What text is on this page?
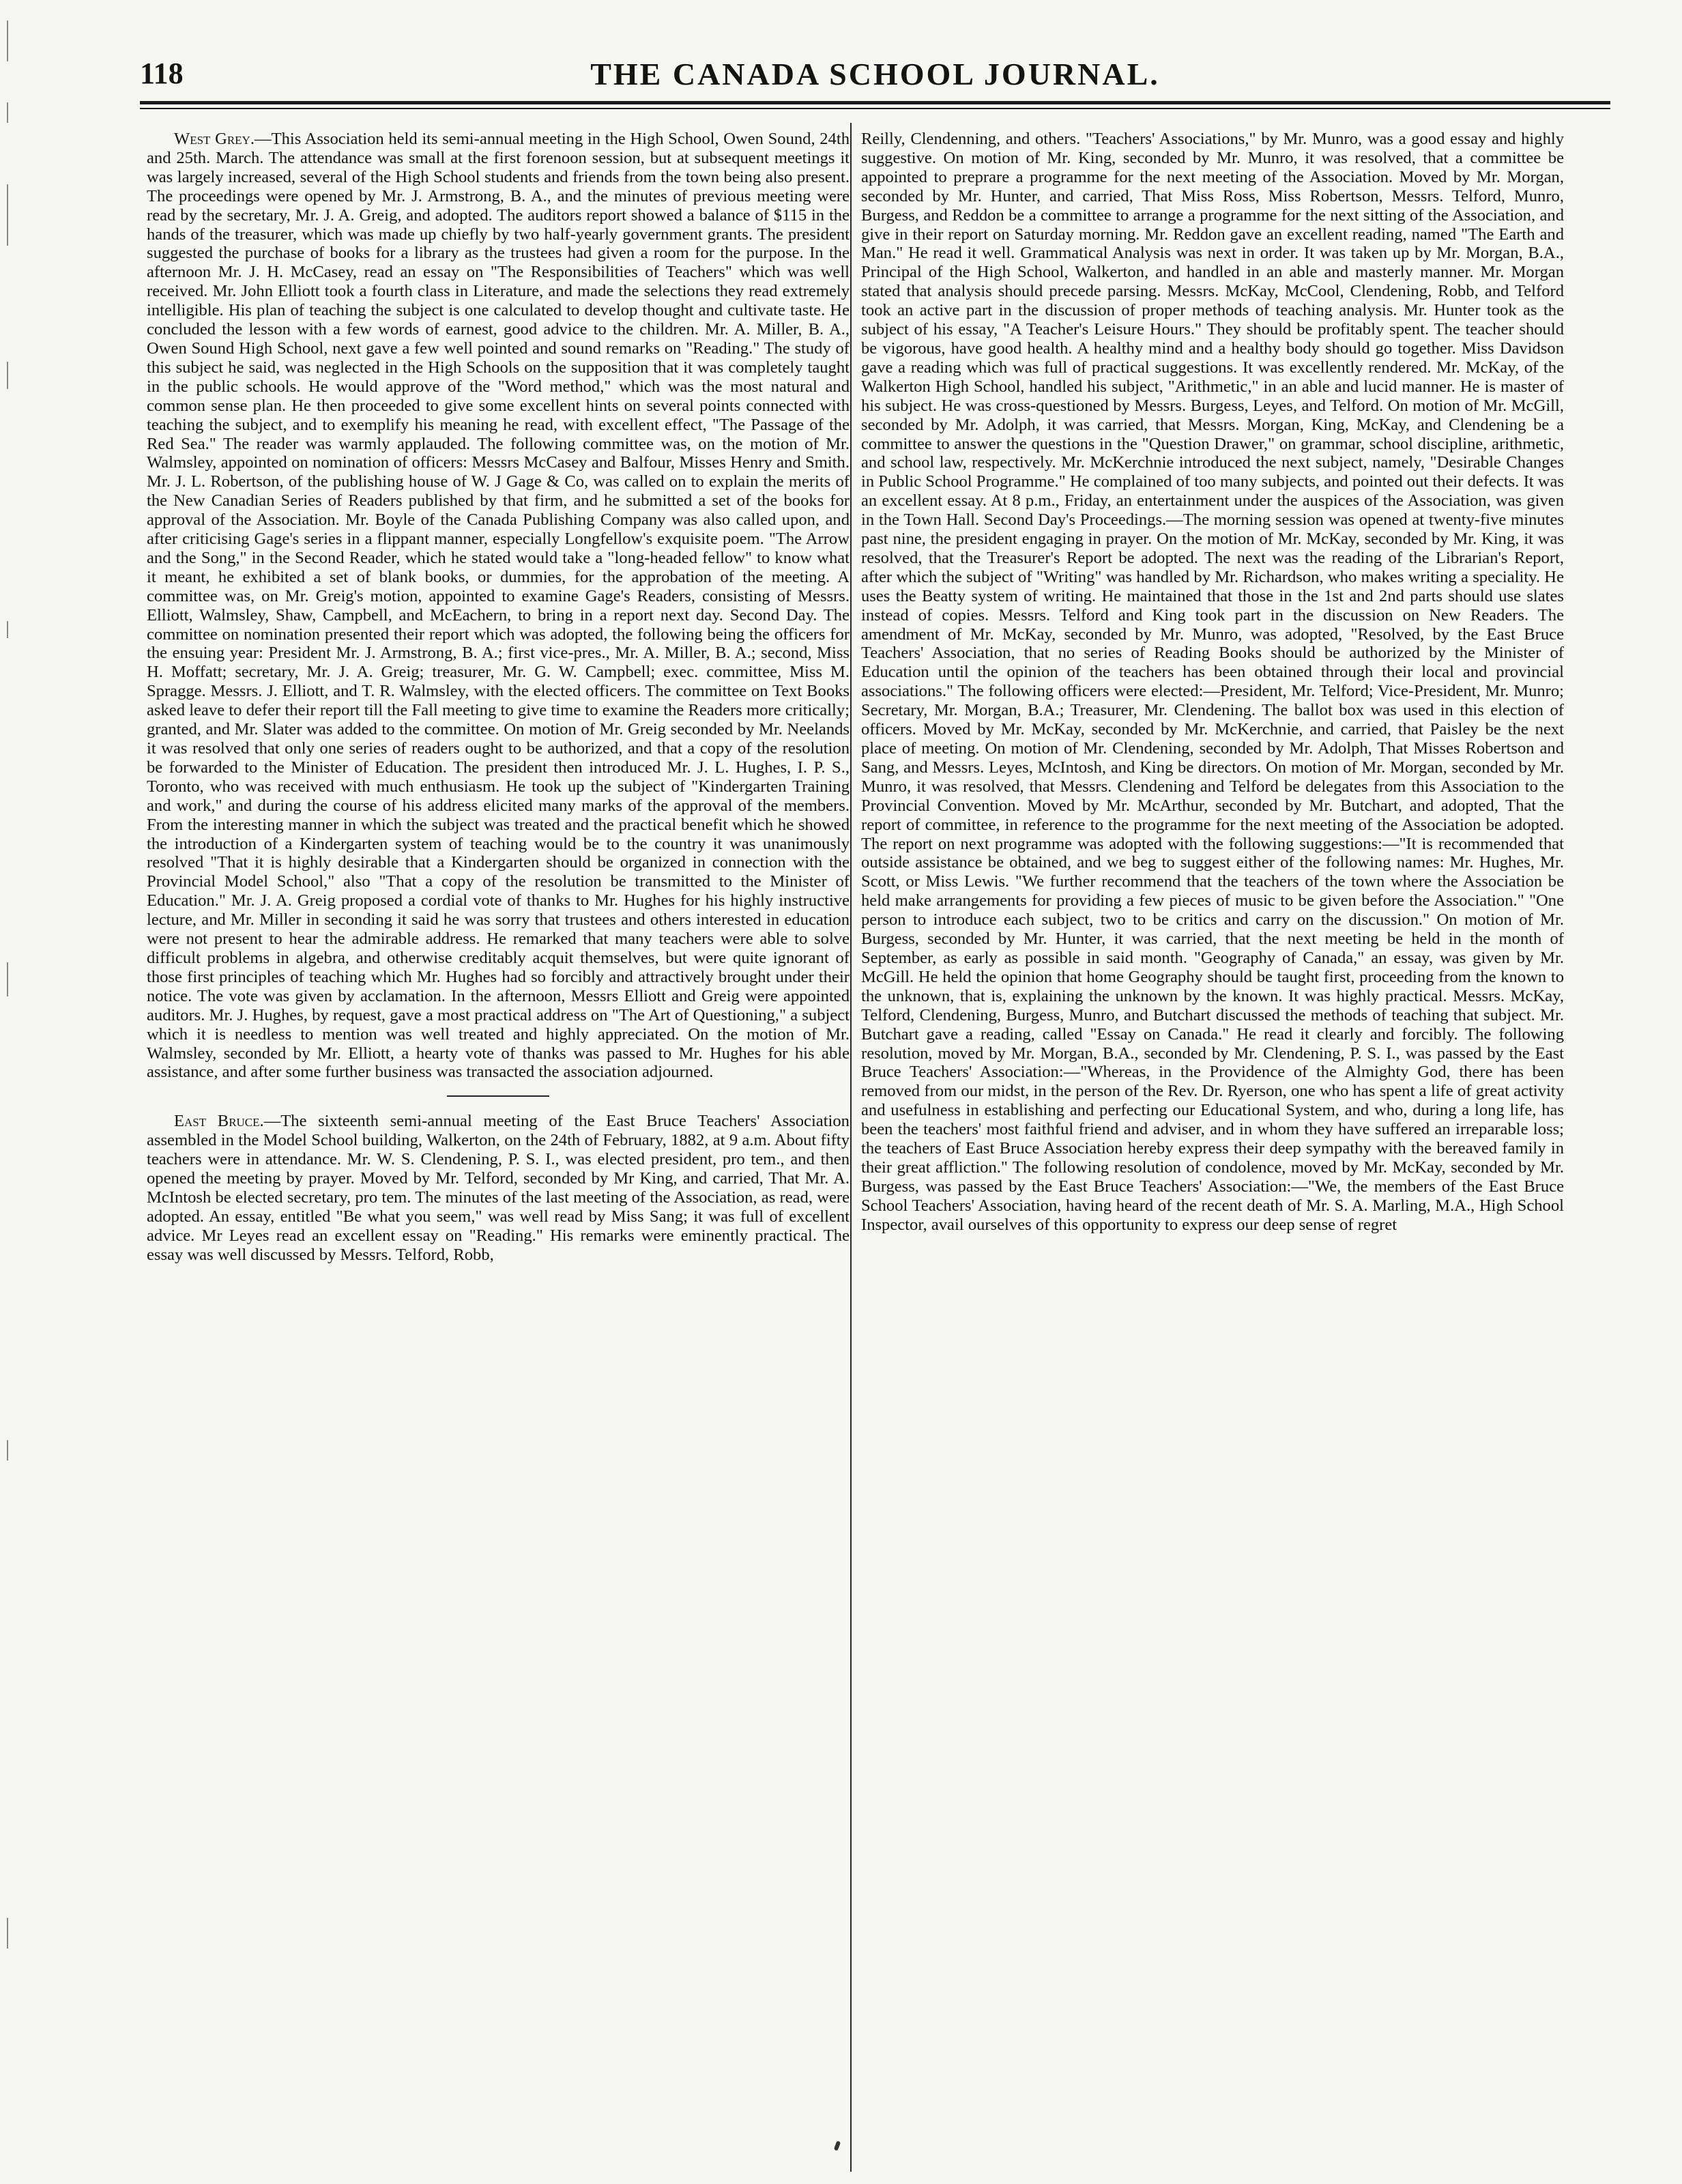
118	THE CANADA SCHOOL JOURNAL.

West Grey.—This Association held its semi-annual meeting in the High School, Owen Sound, 24th and 25th. March. The attendance was small at the first forenoon session, but at subsequent meetings it was largely increased, several of the High School students and friends from the town being also present. The proceedings were opened by Mr. J. Armstrong, B. A., and the minutes of previous meeting were read by the secretary, Mr. J. A. Greig, and adopted. The auditors report showed a balance of $115 in the hands of the treasurer, which was made up chiefly by two half-yearly government grants. The president suggested the purchase of books for a library as the trustees had given a room for the purpose. In the afternoon Mr. J. H. McCasey, read an essay on "The Responsibilities of Teachers" which was well received. Mr. John Elliott took a fourth class in Literature, and made the selections they read extremely intelligible. His plan of teaching the subject is one calculated to develop thought and cultivate taste. He concluded the lesson with a few words of earnest, good advice to the children. Mr. A. Miller, B. A., Owen Sound High School, next gave a few well pointed and sound remarks on "Reading." The study of this subject he said, was neglected in the High Schools on the supposition that it was completely taught in the public schools. He would approve of the "Word method," which was the most natural and common sense plan. He then proceeded to give some excellent hints on several points connected with teaching the subject, and to exemplify his meaning he read, with excellent effect, "The Passage of the Red Sea." The reader was warmly applauded. The following committee was, on the motion of Mr. Walmsley, appointed on nomination of officers: Messrs McCasey and Balfour, Misses Henry and Smith. Mr. J. L. Robertson, of the publishing house of W. J Gage & Co, was called on to explain the merits of the New Canadian Series of Readers published by that firm, and he submitted a set of the books for approval of the Association. Mr. Boyle of the Canada Publishing Company was also called upon, and after criticising Gage's series in a flippant manner, especially Longfellow's exquisite poem. "The Arrow and the Song," in the Second Reader, which he stated would take a "long-headed fellow" to know what it meant, he exhibited a set of blank books, or dummies, for the approbation of the meeting. A committee was, on Mr. Greig's motion, appointed to examine Gage's Readers, consisting of Messrs. Elliott, Walmsley, Shaw, Campbell, and McEachern, to bring in a report next day. Second Day. The committee on nomination presented their report which was adopted, the following being the officers for the ensuing year: President Mr. J. Armstrong, B. A.; first vice-pres., Mr. A. Miller, B. A.; second, Miss H. Moffatt; secretary, Mr. J. A. Greig; treasurer, Mr. G. W. Campbell; exec. committee, Miss M. Spragge. Messrs. J. Elliott, and T. R. Walmsley, with the elected officers. The committee on Text Books asked leave to defer their report till the Fall meeting to give time to examine the Readers more critically; granted, and Mr. Slater was added to the committee. On motion of Mr. Greig seconded by Mr. Neelands it was resolved that only one series of readers ought to be authorized, and that a copy of the resolution be forwarded to the Minister of Education. The president then introduced Mr. J. L. Hughes, I. P. S., Toronto, who was received with much enthusiasm. He took up the subject of "Kindergarten Training and work," and during the course of his address elicited many marks of the approval of the members. From the interesting manner in which the subject was treated and the practical benefit which he showed the introduction of a Kindergarten system of teaching would be to the country it was unanimously resolved "That it is highly desirable that a Kindergarten should be organized in connection with the Provincial Model School," also "That a copy of the resolution be transmitted to the Minister of Education." Mr. J. A. Greig proposed a cordial vote of thanks to Mr. Hughes for his highly instructive lecture, and Mr. Miller in seconding it said he was sorry that trustees and others interested in education were not present to hear the admirable address. He remarked that many teachers were able to solve difficult problems in algebra, and otherwise creditably acquit themselves, but were quite ignorant of those first principles of teaching which Mr. Hughes had so forcibly and attractively brought under their notice. The vote was given by acclamation. In the afternoon, Messrs Elliott and Greig were appointed auditors. Mr. J. Hughes, by request, gave a most practical address on "The Art of Questioning," a subject which it is needless to mention was well treated and highly appreciated. On the motion of Mr. Walmsley, seconded by Mr. Elliott, a hearty vote of thanks was passed to Mr. Hughes for his able assistance, and after some further business was transacted the association adjourned.

East Bruce.—The sixteenth semi-annual meeting of the East Bruce Teachers' Association assembled in the Model School building, Walkerton, on the 24th of February, 1882, at 9 a.m. About fifty teachers were in attendance. Mr. W. S. Clendening, P. S. I., was elected president, pro tem., and then opened the meeting by prayer. Moved by Mr. Telford, seconded by Mr King, and carried, That Mr. A. McIntosh be elected secretary, pro tem. The minutes of the last meeting of the Association, as read, were adopted. An essay, entitled "Be what you seem," was well read by Miss Sang; it was full of excellent advice. Mr Leyes read an excellent essay on "Reading." His remarks were eminently practical. The essay was well discussed by Messrs. Telford, Robb,

Reilly, Clendenning, and others. "Teachers' Associations," by Mr. Munro, was a good essay and highly suggestive. On motion of Mr. King, seconded by Mr. Munro, it was resolved, that a committee be appointed to preprare a programme for the next meeting of the Association. Moved by Mr. Morgan, seconded by Mr. Hunter, and carried, That Miss Ross, Miss Robertson, Messrs. Telford, Munro, Burgess, and Reddon be a committee to arrange a programme for the next sitting of the Association, and give in their report on Saturday morning. Mr. Reddon gave an excellent reading, named "The Earth and Man." He read it well. Grammatical Analysis was next in order. It was taken up by Mr. Morgan, B.A., Principal of the High School, Walkerton, and handled in an able and masterly manner. Mr. Morgan stated that analysis should precede parsing. Messrs. McKay, McCool, Clendening, Robb, and Telford took an active part in the discussion of proper methods of teaching analysis. Mr. Hunter took as the subject of his essay, "A Teacher's Leisure Hours." They should be profitably spent. The teacher should be vigorous, have good health. A healthy mind and a healthy body should go together. Miss Davidson gave a reading which was full of practical suggestions. It was excellently rendered. Mr. McKay, of the Walkerton High School, handled his subject, "Arithmetic," in an able and lucid manner. He is master of his subject. He was cross-questioned by Messrs. Burgess, Leyes, and Telford. On motion of Mr. McGill, seconded by Mr. Adolph, it was carried, that Messrs. Morgan, King, McKay, and Clendening be a committee to answer the questions in the "Question Drawer," on grammar, school discipline, arithmetic, and school law, respectively. Mr. McKerchnie introduced the next subject, namely, "Desirable Changes in Public School Programme." He complained of too many subjects, and pointed out their defects. It was an excellent essay. At 8 p.m., Friday, an entertainment under the auspices of the Association, was given in the Town Hall. Second Day's Proceedings.—The morning session was opened at twenty-five minutes past nine, the president engaging in prayer. On the motion of Mr. McKay, seconded by Mr. King, it was resolved, that the Treasurer's Report be adopted. The next was the reading of the Librarian's Report, after which the subject of "Writing" was handled by Mr. Richardson, who makes writing a speciality. He uses the Beatty system of writing. He maintained that those in the 1st and 2nd parts should use slates instead of copies. Messrs. Telford and King took part in the discussion on New Readers. The amendment of Mr. McKay, seconded by Mr. Munro, was adopted, "Resolved, by the East Bruce Teachers' Association, that no series of Reading Books should be authorized by the Minister of Education until the opinion of the teachers has been obtained through their local and provincial associations." The following officers were elected:—President, Mr. Telford; Vice-President, Mr. Munro; Secretary, Mr. Morgan, B.A.; Treasurer, Mr. Clendening. The ballot box was used in this election of officers. Moved by Mr. McKay, seconded by Mr. McKerchnie, and carried, that Paisley be the next place of meeting. On motion of Mr. Clendening, seconded by Mr. Adolph, That Misses Robertson and Sang, and Messrs. Leyes, McIntosh, and King be directors. On motion of Mr. Morgan, seconded by Mr. Munro, it was resolved, that Messrs. Clendening and Telford be delegates from this Association to the Provincial Convention. Moved by Mr. McArthur, seconded by Mr. Butchart, and adopted, That the report of committee, in reference to the programme for the next meeting of the Association be adopted. The report on next programme was adopted with the following suggestions:—"It is recommended that outside assistance be obtained, and we beg to suggest either of the following names: Mr. Hughes, Mr. Scott, or Miss Lewis. "We further recommend that the teachers of the town where the Association be held make arrangements for providing a few pieces of music to be given before the Association." "One person to introduce each subject, two to be critics and carry on the discussion." On motion of Mr. Burgess, seconded by Mr. Hunter, it was carried, that the next meeting be held in the month of September, as early as possible in said month. "Geography of Canada," an essay, was given by Mr. McGill. He held the opinion that home Geography should be taught first, proceeding from the known to the unknown, that is, explaining the unknown by the known. It was highly practical. Messrs. McKay, Telford, Clendening, Burgess, Munro, and Butchart discussed the methods of teaching that subject. Mr. Butchart gave a reading, called "Essay on Canada." He read it clearly and forcibly. The following resolution, moved by Mr. Morgan, B.A., seconded by Mr. Clendening, P. S. I., was passed by the East Bruce Teachers' Association:—"Whereas, in the Providence of the Almighty God, there has been removed from our midst, in the person of the Rev. Dr. Ryerson, one who has spent a life of great activity and usefulness in establishing and perfecting our Educational System, and who, during a long life, has been the teachers' most faithful friend and adviser, and in whom they have suffered an irreparable loss; the teachers of East Bruce Association hereby express their deep sympathy with the bereaved family in their great affliction." The following resolution of condolence, moved by Mr. McKay, seconded by Mr. Burgess, was passed by the East Bruce Teachers' Association:—"We, the members of the East Bruce School Teachers' Association, having heard of the recent death of Mr. S. A. Marling, M.A., High School Inspector, avail ourselves of this opportunity to express our deep sense of regret
